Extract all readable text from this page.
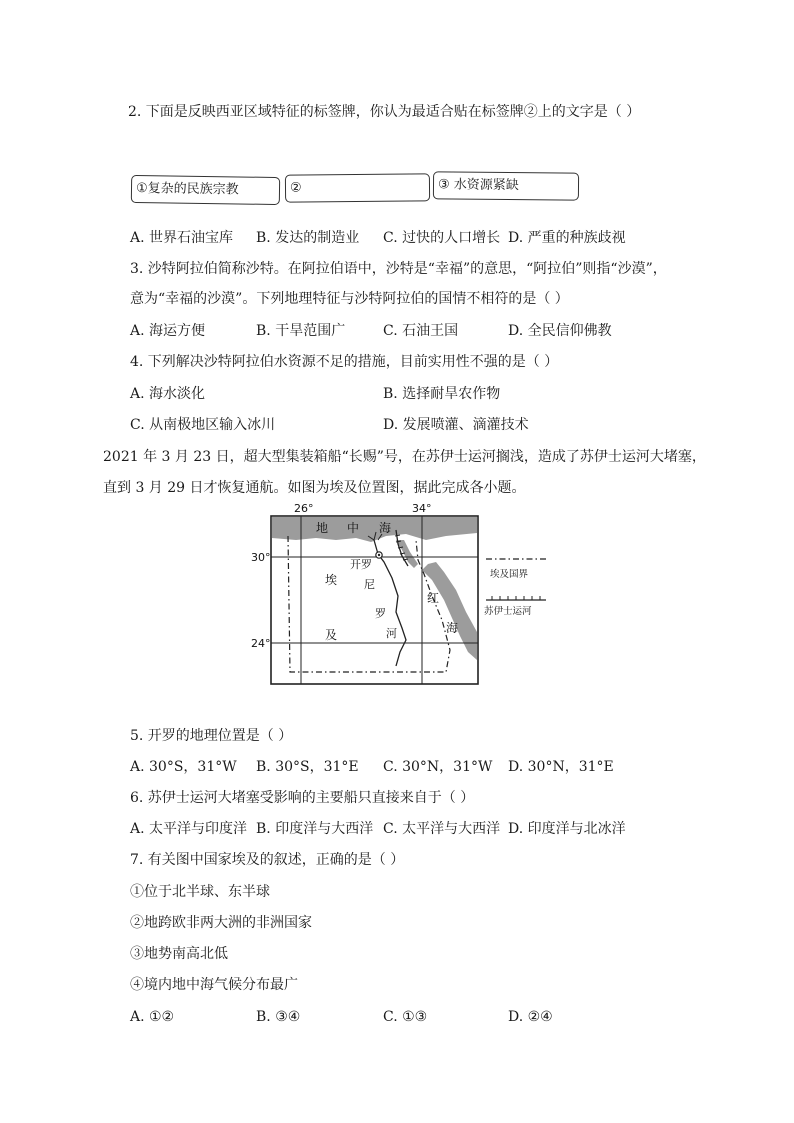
2. 下面是反映西亚区域特征的标签牌，你认为最适合贴在标签牌②上的文字是（ ）
①复杂的民族宗教	②	③ 水资源紧缺
A. 世界石油宝库 B. 发达的制造业 C. 过快的人口增长 D. 严重的种族歧视
3. 沙特阿拉伯简称沙特。在阿拉伯语中，沙特是“幸福”的意思，“阿拉伯”则指“沙漠”，
意为“幸福的沙漠”。下列地理特征与沙特阿拉伯的国情不相符的是（ ）
A. 海运方便	B. 干旱范围广	C. 石油王国	D. 全民信仰佛教
4. 下列解决沙特阿拉伯水资源不足的措施，目前实用性不强的是（ ）
A. 海水淡化	B. 选择耐旱农作物
C. 从南极地区输入冰川	D. 发展喷灌、滴灌技术
2021 年 3 月 23 日，超大型集装箱船“长赐”号，在苏伊士运河搁浅，造成了苏伊士运河大堵塞，
直到 3 月 29 日才恢复通航。如图为埃及位置图，据此完成各小题。
26°	34°
30°
24°
地 中 海
红
海
开罗
埃
及
尼
罗
河
埃及国界
苏伊士运河
5. 开罗的地理位置是（ ）
A. 30°S，31°W B. 30°S，31°E C. 30°N，31°W D. 30°N，31°E
6. 苏伊士运河大堵塞受影响的主要船只直接来自于（ ）
A. 太平洋与印度洋 B. 印度洋与大西洋 C. 太平洋与大西洋 D. 印度洋与北冰洋
7. 有关图中国家埃及的叙述，正确的是（ ）
①位于北半球、东半球
②地跨欧非两大洲的非洲国家
③地势南高北低
④境内地中海气候分布最广
A. ①②	B. ③④	C. ①③	D. ②④
